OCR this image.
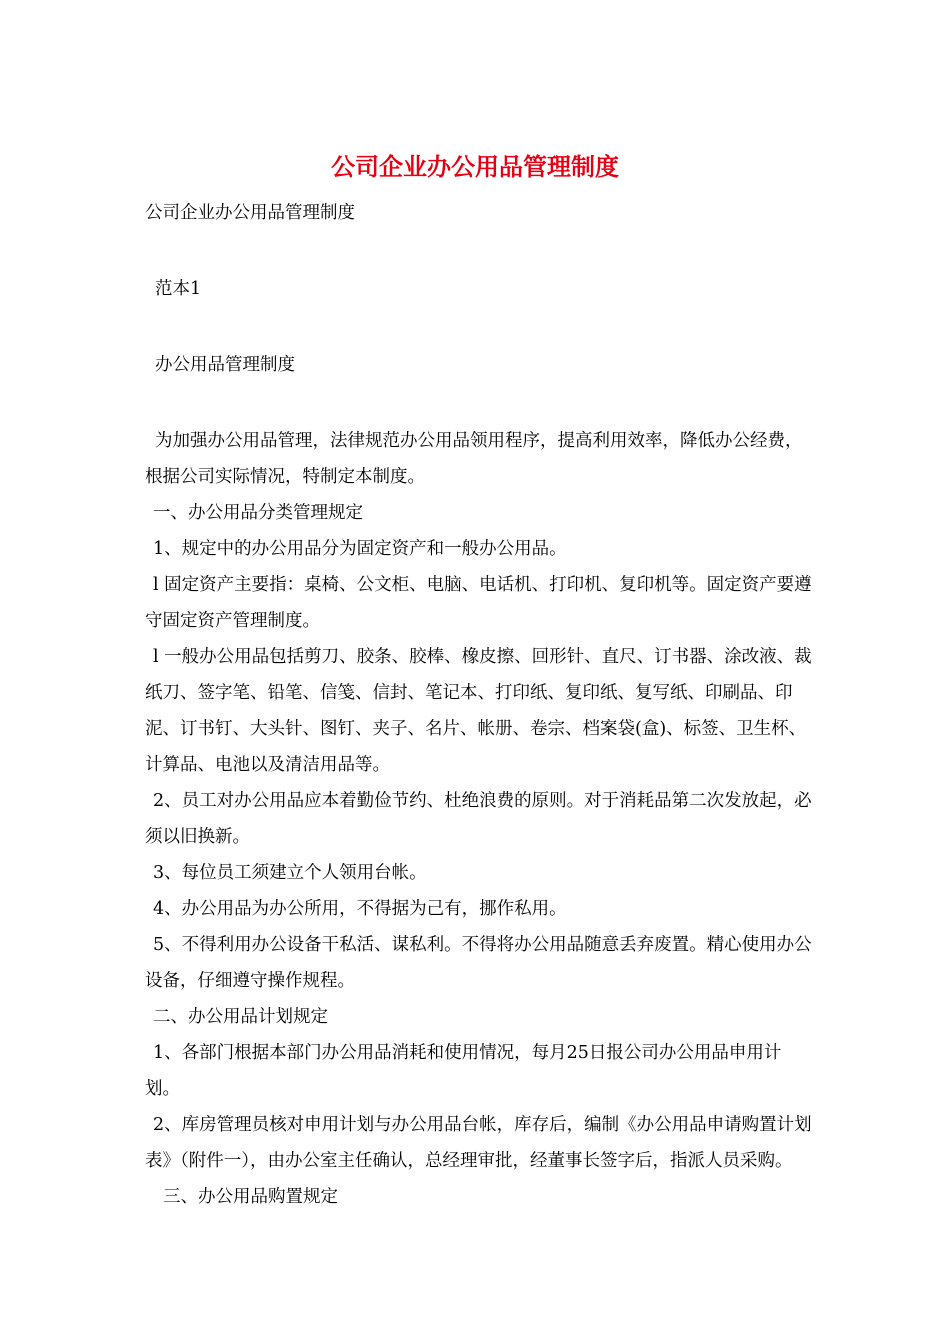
公司企业办公用品管理制度

公司企业办公用品管理制度

范本1

办公用品管理制度

为加强办公用品管理，法律规范办公用品领用程序，提高利用效率，降低办公经费，根据公司实际情况，特制定本制度。

一、办公用品分类管理规定

1、规定中的办公用品分为固定资产和一般办公用品。

l 固定资产主要指：桌椅、公文柜、电脑、电话机、打印机、复印机等。固定资产要遵守固定资产管理制度。

l 一般办公用品包括剪刀、胶条、胶棒、橡皮擦、回形针、直尺、订书器、涂改液、裁纸刀、签字笔、铅笔、信笺、信封、笔记本、打印纸、复印纸、复写纸、印刷品、印泥、订书钉、大头针、图钉、夹子、名片、帐册、卷宗、档案袋(盒)、标签、卫生杯、计算品、电池以及清洁用品等。

2、员工对办公用品应本着勤俭节约、杜绝浪费的原则。对于消耗品第二次发放起，必须以旧换新。

3、每位员工须建立个人领用台帐。

4、办公用品为办公所用，不得据为己有，挪作私用。

5、不得利用办公设备干私活、谋私利。不得将办公用品随意丢弃废置。精心使用办公设备，仔细遵守操作规程。

二、办公用品计划规定

1、各部门根据本部门办公用品消耗和使用情况，每月25日报公司办公用品申用计划。

2、库房管理员核对申用计划与办公用品台帐，库存后，编制《办公用品申请购置计划表》（附件一），由办公室主任确认，总经理审批，经董事长签字后，指派人员采购。

三、办公用品购置规定
